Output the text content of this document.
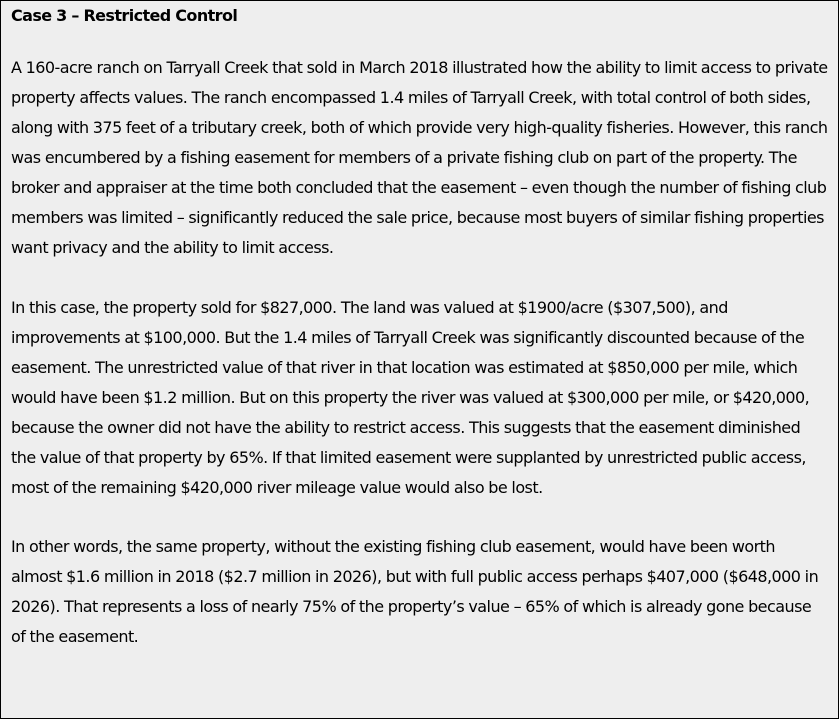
Case 3 – Restricted Control

A 160-acre ranch on Tarryall Creek that sold in March 2018 illustrated how the ability to limit access to private property affects values. The ranch encompassed 1.4 miles of Tarryall Creek, with total control of both sides, along with 375 feet of a tributary creek, both of which provide very high-quality fisheries. However, this ranch was encumbered by a fishing easement for members of a private fishing club on part of the property. The broker and appraiser at the time both concluded that the easement – even though the number of fishing club members was limited – significantly reduced the sale price, because most buyers of similar fishing properties want privacy and the ability to limit access.

In this case, the property sold for $827,000. The land was valued at $1900/acre ($307,500), and improvements at $100,000. But the 1.4 miles of Tarryall Creek was significantly discounted because of the easement. The unrestricted value of that river in that location was estimated at $850,000 per mile, which would have been $1.2 million. But on this property the river was valued at $300,000 per mile, or $420,000, because the owner did not have the ability to restrict access. This suggests that the easement diminished the value of that property by 65%. If that limited easement were supplanted by unrestricted public access, most of the remaining $420,000 river mileage value would also be lost.

In other words, the same property, without the existing fishing club easement, would have been worth almost $1.6 million in 2018 ($2.7 million in 2026), but with full public access perhaps $407,000 ($648,000 in 2026). That represents a loss of nearly 75% of the property’s value – 65% of which is already gone because of the easement.
